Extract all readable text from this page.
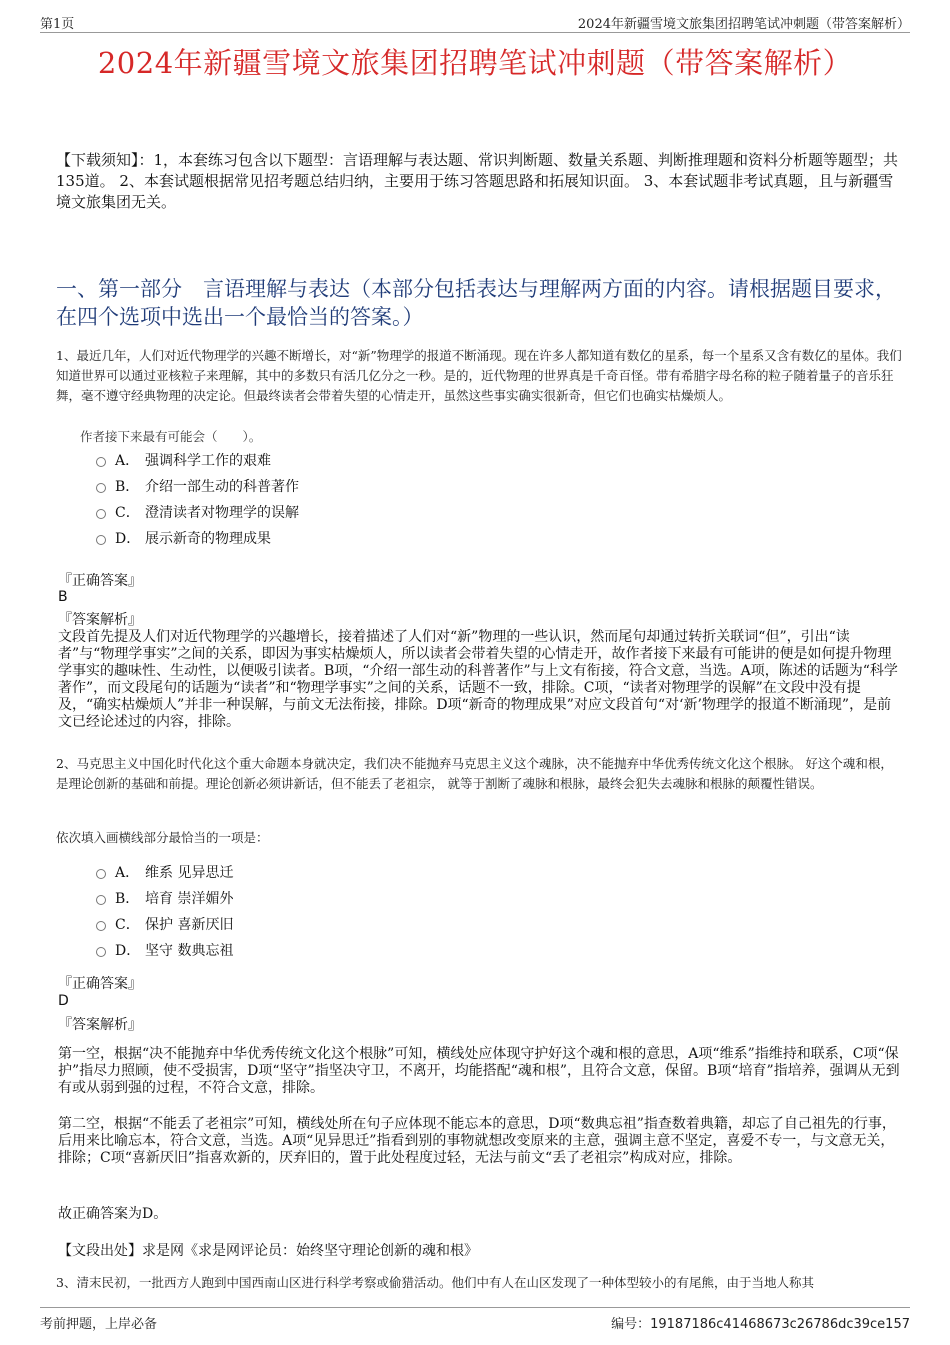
第1页	2024年新疆雪境文旅集团招聘笔试冲刺题（带答案解析）
2024年新疆雪境文旅集团招聘笔试冲刺题（带答案解析）
【下载须知】：1，本套练习包含以下题型：言语理解与表达题、常识判断题、数量关系题、判断推理题和资料分析题等题型；共135道。 2、本套试题根据常见招考题总结归纳，主要用于练习答题思路和拓展知识面。 3、本套试题非考试真题，且与新疆雪境文旅集团无关。
一、第一部分　言语理解与表达（本部分包括表达与理解两方面的内容。请根据题目要求，在四个选项中选出一个最恰当的答案。）
1、最近几年，人们对近代物理学的兴趣不断增长，对“新”物理学的报道不断涌现。现在许多人都知道有数亿的星系，每一个星系又含有数亿的星体。我们知道世界可以通过亚核粒子来理解，其中的多数只有活几亿分之一秒。是的，近代物理的世界真是千奇百怪。带有希腊字母名称的粒子随着量子的音乐狂舞，毫不遵守经典物理的决定论。但最终读者会带着失望的心情走开，虽然这些事实确实很新奇，但它们也确实枯燥烦人。
作者接下来最有可能会（　　）。
A． 强调科学工作的艰难
B． 介绍一部生动的科普著作
C． 澄清读者对物理学的误解
D． 展示新奇的物理成果
『正确答案』
B
『答案解析』
文段首先提及人们对近代物理学的兴趣增长，接着描述了人们对“新”物理的一些认识，然而尾句却通过转折关联词“但”，引出“读者”与“物理学事实”之间的关系，即因为事实枯燥烦人，所以读者会带着失望的心情走开，故作者接下来最有可能讲的便是如何提升物理学事实的趣味性、生动性，以便吸引读者。B项，“介绍一部生动的科普著作”与上文有衔接，符合文意，当选。A项，陈述的话题为“科学著作”，而文段尾句的话题为“读者”和“物理学事实”之间的关系，话题不一致，排除。C项，“读者对物理学的误解”在文段中没有提及，“确实枯燥烦人”并非一种误解，与前文无法衔接，排除。D项“新奇的物理成果”对应文段首句“对‘新’物理学的报道不断涌现”，是前文已经论述过的内容，排除。
2、马克思主义中国化时代化这个重大命题本身就决定，我们决不能抛弃马克思主义这个魂脉，决不能抛弃中华优秀传统文化这个根脉。 好这个魂和根，是理论创新的基础和前提。理论创新必须讲新话，但不能丢了老祖宗， 就等于割断了魂脉和根脉，最终会犯失去魂脉和根脉的颠覆性错误。
依次填入画横线部分最恰当的一项是：
A． 维系 见异思迁
B． 培育 崇洋媚外
C． 保护 喜新厌旧
D． 坚守 数典忘祖
『正确答案』
D
『答案解析』
第一空，根据“决不能抛弃中华优秀传统文化这个根脉”可知，横线处应体现守护好这个魂和根的意思，A项“维系”指维持和联系，C项“保护”指尽力照顾，使不受损害，D项“坚守”指坚决守卫，不离开，均能搭配“魂和根”，且符合文意，保留。B项“培育”指培养，强调从无到有或从弱到强的过程，不符合文意，排除。
第二空，根据“不能丢了老祖宗”可知，横线处所在句子应体现不能忘本的意思，D项“数典忘祖”指查数着典籍，却忘了自己祖先的行事，后用来比喻忘本，符合文意，当选。A项“见异思迁”指看到别的事物就想改变原来的主意，强调主意不坚定，喜爱不专一，与文意无关，排除；C项“喜新厌旧”指喜欢新的，厌弃旧的，置于此处程度过轻，无法与前文“丢了老祖宗”构成对应，排除。
故正确答案为D。
【文段出处】求是网《求是网评论员：始终坚守理论创新的魂和根》
3、清末民初，一批西方人跑到中国西南山区进行科学考察或偷猎活动。他们中有人在山区发现了一种体型较小的有尾熊，由于当地人称其
考前押题，上岸必备	编号：19187186c41468673c26786dc39ce157
